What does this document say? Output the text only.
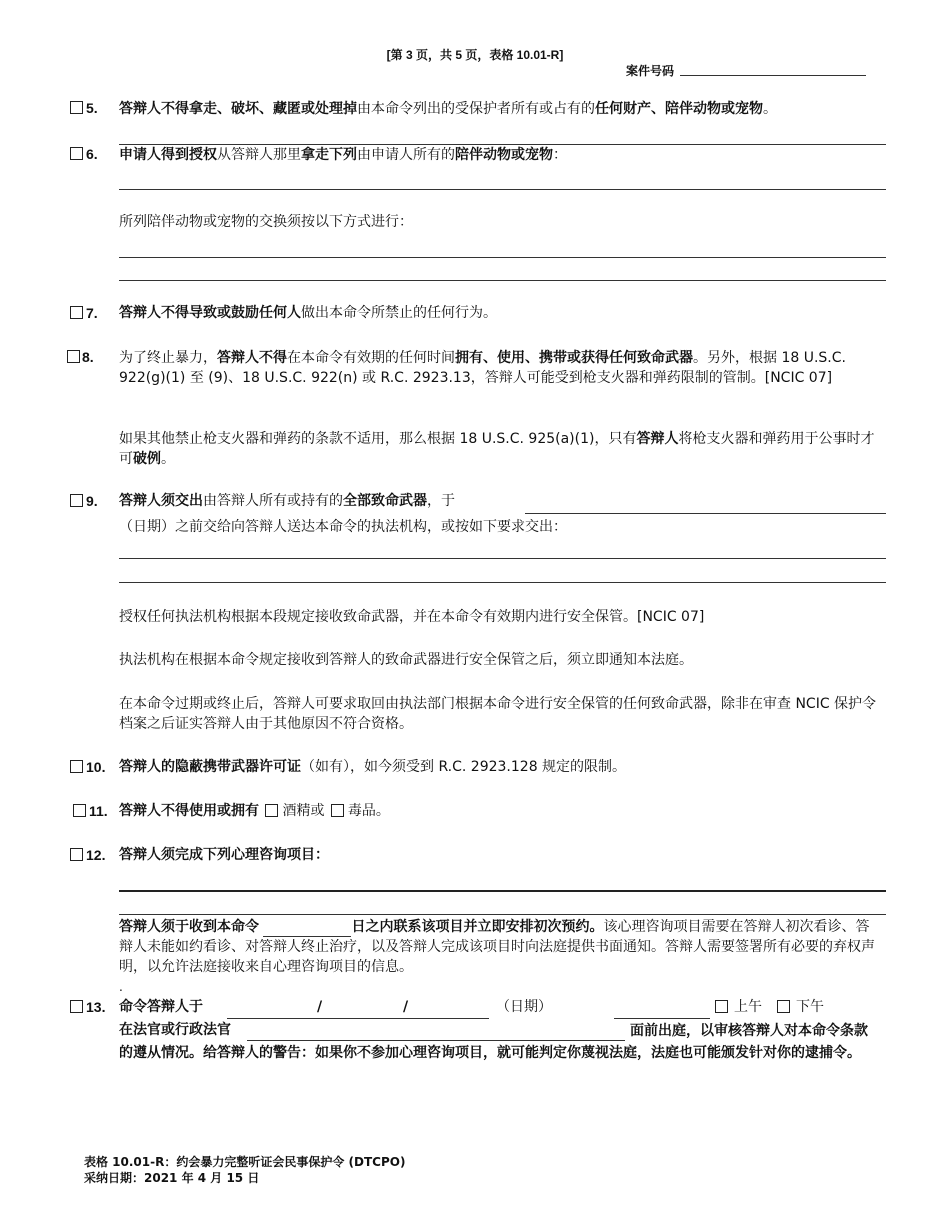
[第 3 页，共 5 页，表格 10.01-R]
案件号码
5. 答辩人不得拿走、破坏、藏匿或处理掉由本命令列出的受保护者所有或占有的任何财产、陪伴动物或宠物。
6. 申请人得到授权从答辩人那里拿走下列由申请人所有的陪伴动物或宠物：
所列陪伴动物或宠物的交换须按以下方式进行：
7. 答辩人不得导致或鼓励任何人做出本命令所禁止的任何行为。
8. 为了终止暴力，答辩人不得在本命令有效期的任何时间拥有、使用、携带或获得任何致命武器。另外，根据 18 U.S.C. 922(g)(1) 至 (9)、18 U.S.C. 922(n) 或 R.C. 2923.13，答辩人可能受到枪支火器和弹药限制的管制。[NCIC 07]
如果其他禁止枪支火器和弹药的条款不适用，那么根据 18 U.S.C. 925(a)(1)，只有答辩人将枪支火器和弹药用于公事时才可破例。
9. 答辩人须交出由答辩人所有或持有的全部致命武器，于
（日期）之前交给向答辩人送达本命令的执法机构，或按如下要求交出：
授权任何执法机构根据本段规定接收致命武器，并在本命令有效期内进行安全保管。[NCIC 07]
执法机构在根据本命令规定接收到答辩人的致命武器进行安全保管之后，须立即通知本法庭。
在本命令过期或终止后，答辩人可要求取回由执法部门根据本命令进行安全保管的任何致命武器，除非在审查 NCIC 保护令档案之后证实答辩人由于其他原因不符合资格。
10. 答辩人的隐蔽携带武器许可证（如有），如今须受到 R.C. 2923.128 规定的限制。
11. 答辩人不得使用或拥有 酒精或 毒品。
12. 答辩人须完成下列心理咨询项目：
答辩人须于收到本命令	日之内联系该项目并立即安排初次预约。该心理咨询项目需要在答辩人初次看诊、答辩人未能如约看诊、对答辩人终止治疗，以及答辩人完成该项目时向法庭提供书面通知。答辩人需要签署所有必要的弃权声明，以允许法庭接收来自心理咨询项目的信息。
.
13. 命令答辩人于	/	/	（日期）	上午 下午
在法官或行政法官	面前出庭，以审核答辩人对本命令条款的遵从情况。给答辩人的警告：如果你不参加心理咨询项目，就可能判定你蔑视法庭，法庭也可能颁发针对你的逮捕令。
表格 10.01-R：约会暴力完整听证会民事保护令 (DTCPO)
采纳日期：2021 年 4 月 15 日
